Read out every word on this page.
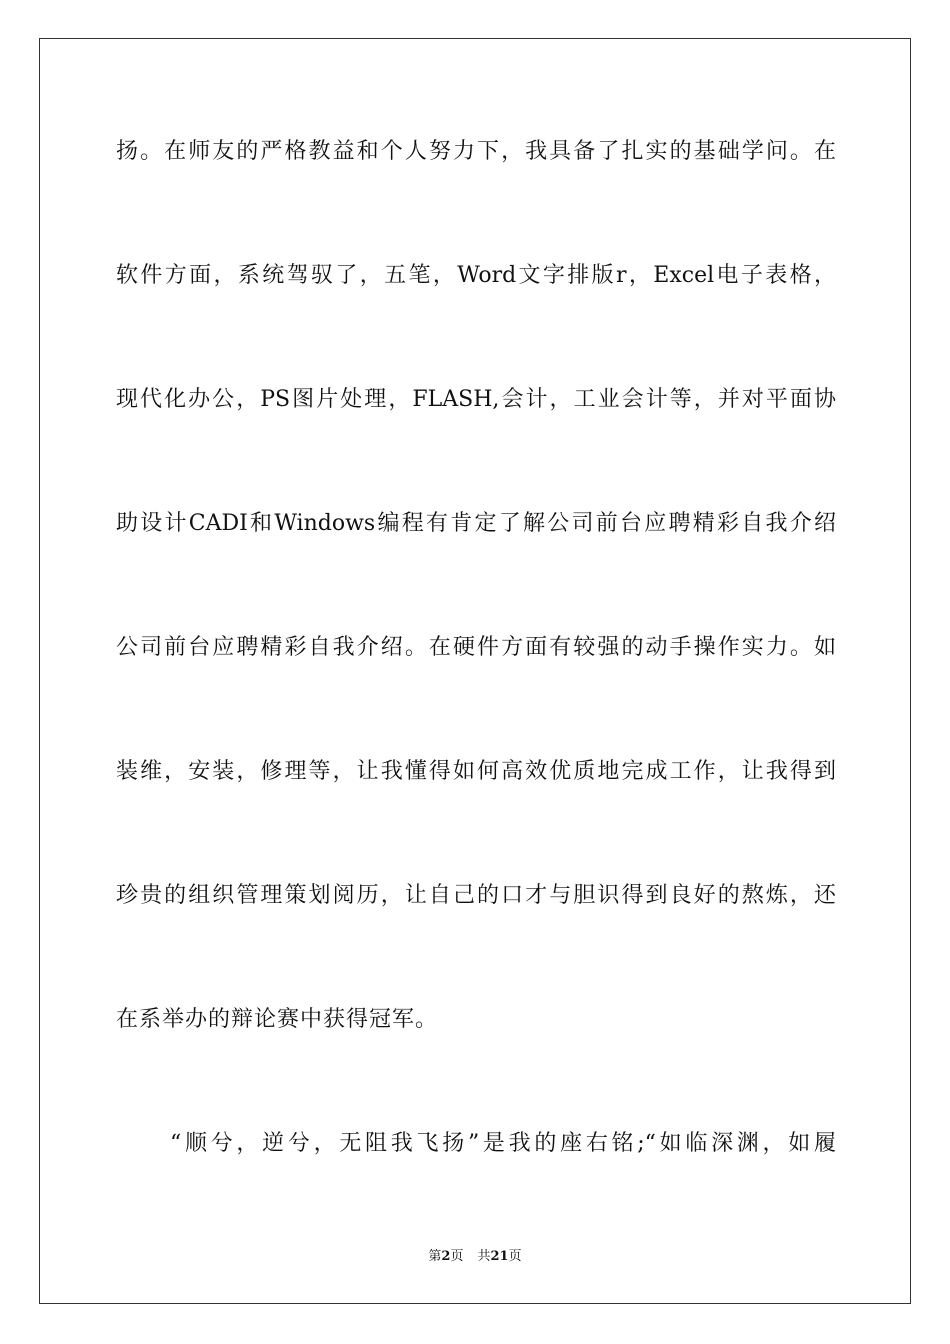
扬。在师友的严格教益和个人努力下，我具备了扎实的基础学问。在
软件方面，系统驾驭了，五笔，Word文字排版r，Excel电子表格，
现代化办公，PS图片处理，FLASH,会计，工业会计等，并对平面协
助设计CADI和Windows编程有肯定了解公司前台应聘精彩自我介绍
公司前台应聘精彩自我介绍。在硬件方面有较强的动手操作实力。如
装维，安装，修理等，让我懂得如何高效优质地完成工作，让我得到
珍贵的组织管理策划阅历，让自己的口才与胆识得到良好的熬炼，还
在系举办的辩论赛中获得冠军。
“顺兮，逆兮，无阻我飞扬”是我的座右铭;“如临深渊，如履
第2页 共21页
